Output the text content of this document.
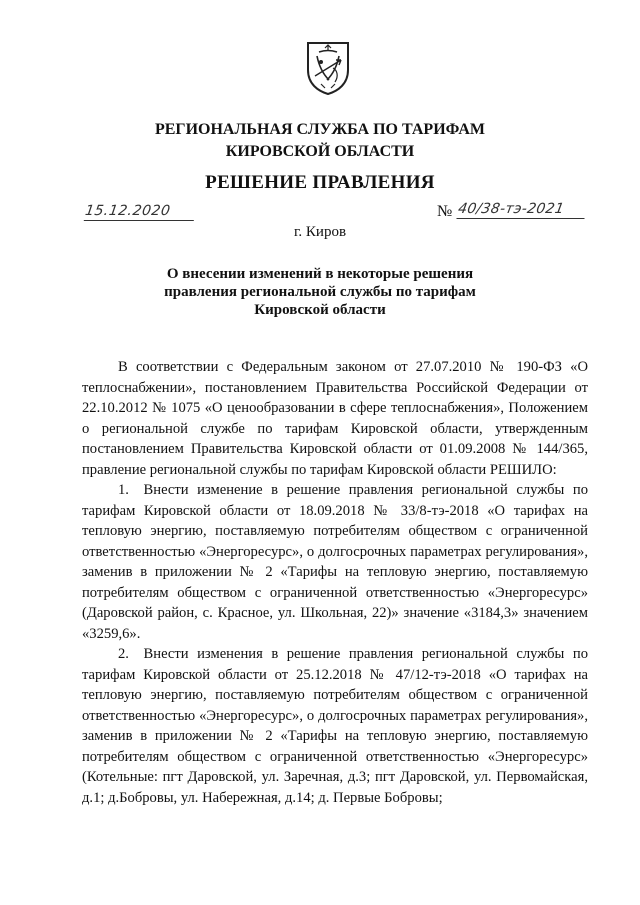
РЕГИОНАЛЬНАЯ СЛУЖБА ПО ТАРИФАМ
КИРОВСКОЙ ОБЛАСТИ
РЕШЕНИЕ ПРАВЛЕНИЯ
15.12.2020	№ 40/38-тэ-2021
г. Киров
О внесении изменений в некоторые решения
правления региональной службы по тарифам
Кировской области

В соответствии с Федеральным законом от 27.07.2010 № 190-ФЗ «О теплоснабжении», постановлением Правительства Российской Федерации от 22.10.2012 № 1075 «О ценообразовании в сфере теплоснабжения», Положением о региональной службе по тарифам Кировской области, утвержденным постановлением Правительства Кировской области от 01.09.2008 № 144/365, правление региональной службы по тарифам Кировской области РЕШИЛО:

1. Внести изменение в решение правления региональной службы по тарифам Кировской области от 18.09.2018 № 33/8-тэ-2018 «О тарифах на тепловую энергию, поставляемую потребителям обществом с ограниченной ответственностью «Энергоресурс», о долгосрочных параметрах регулирования», заменив в приложении № 2 «Тарифы на тепловую энергию, поставляемую потребителям обществом с ограниченной ответственностью «Энергоресурс» (Даровской район, с. Красное, ул. Школьная, 22)» значение «3184,3» значением «3259,6».

2. Внести изменения в решение правления региональной службы по тарифам Кировской области от 25.12.2018 № 47/12-тэ-2018 «О тарифах на тепловую энергию, поставляемую потребителям обществом с ограниченной ответственностью «Энергоресурс», о долгосрочных параметрах регулирования», заменив в приложении № 2 «Тарифы на тепловую энергию, поставляемую потребителям обществом с ограниченной ответственностью «Энергоресурс» (Котельные: пгт Даровской, ул. Заречная, д.3; пгт Даровской, ул. Первомайская, д.1; д.Бобровы, ул. Набережная, д.14; д. Первые Бобровы;
